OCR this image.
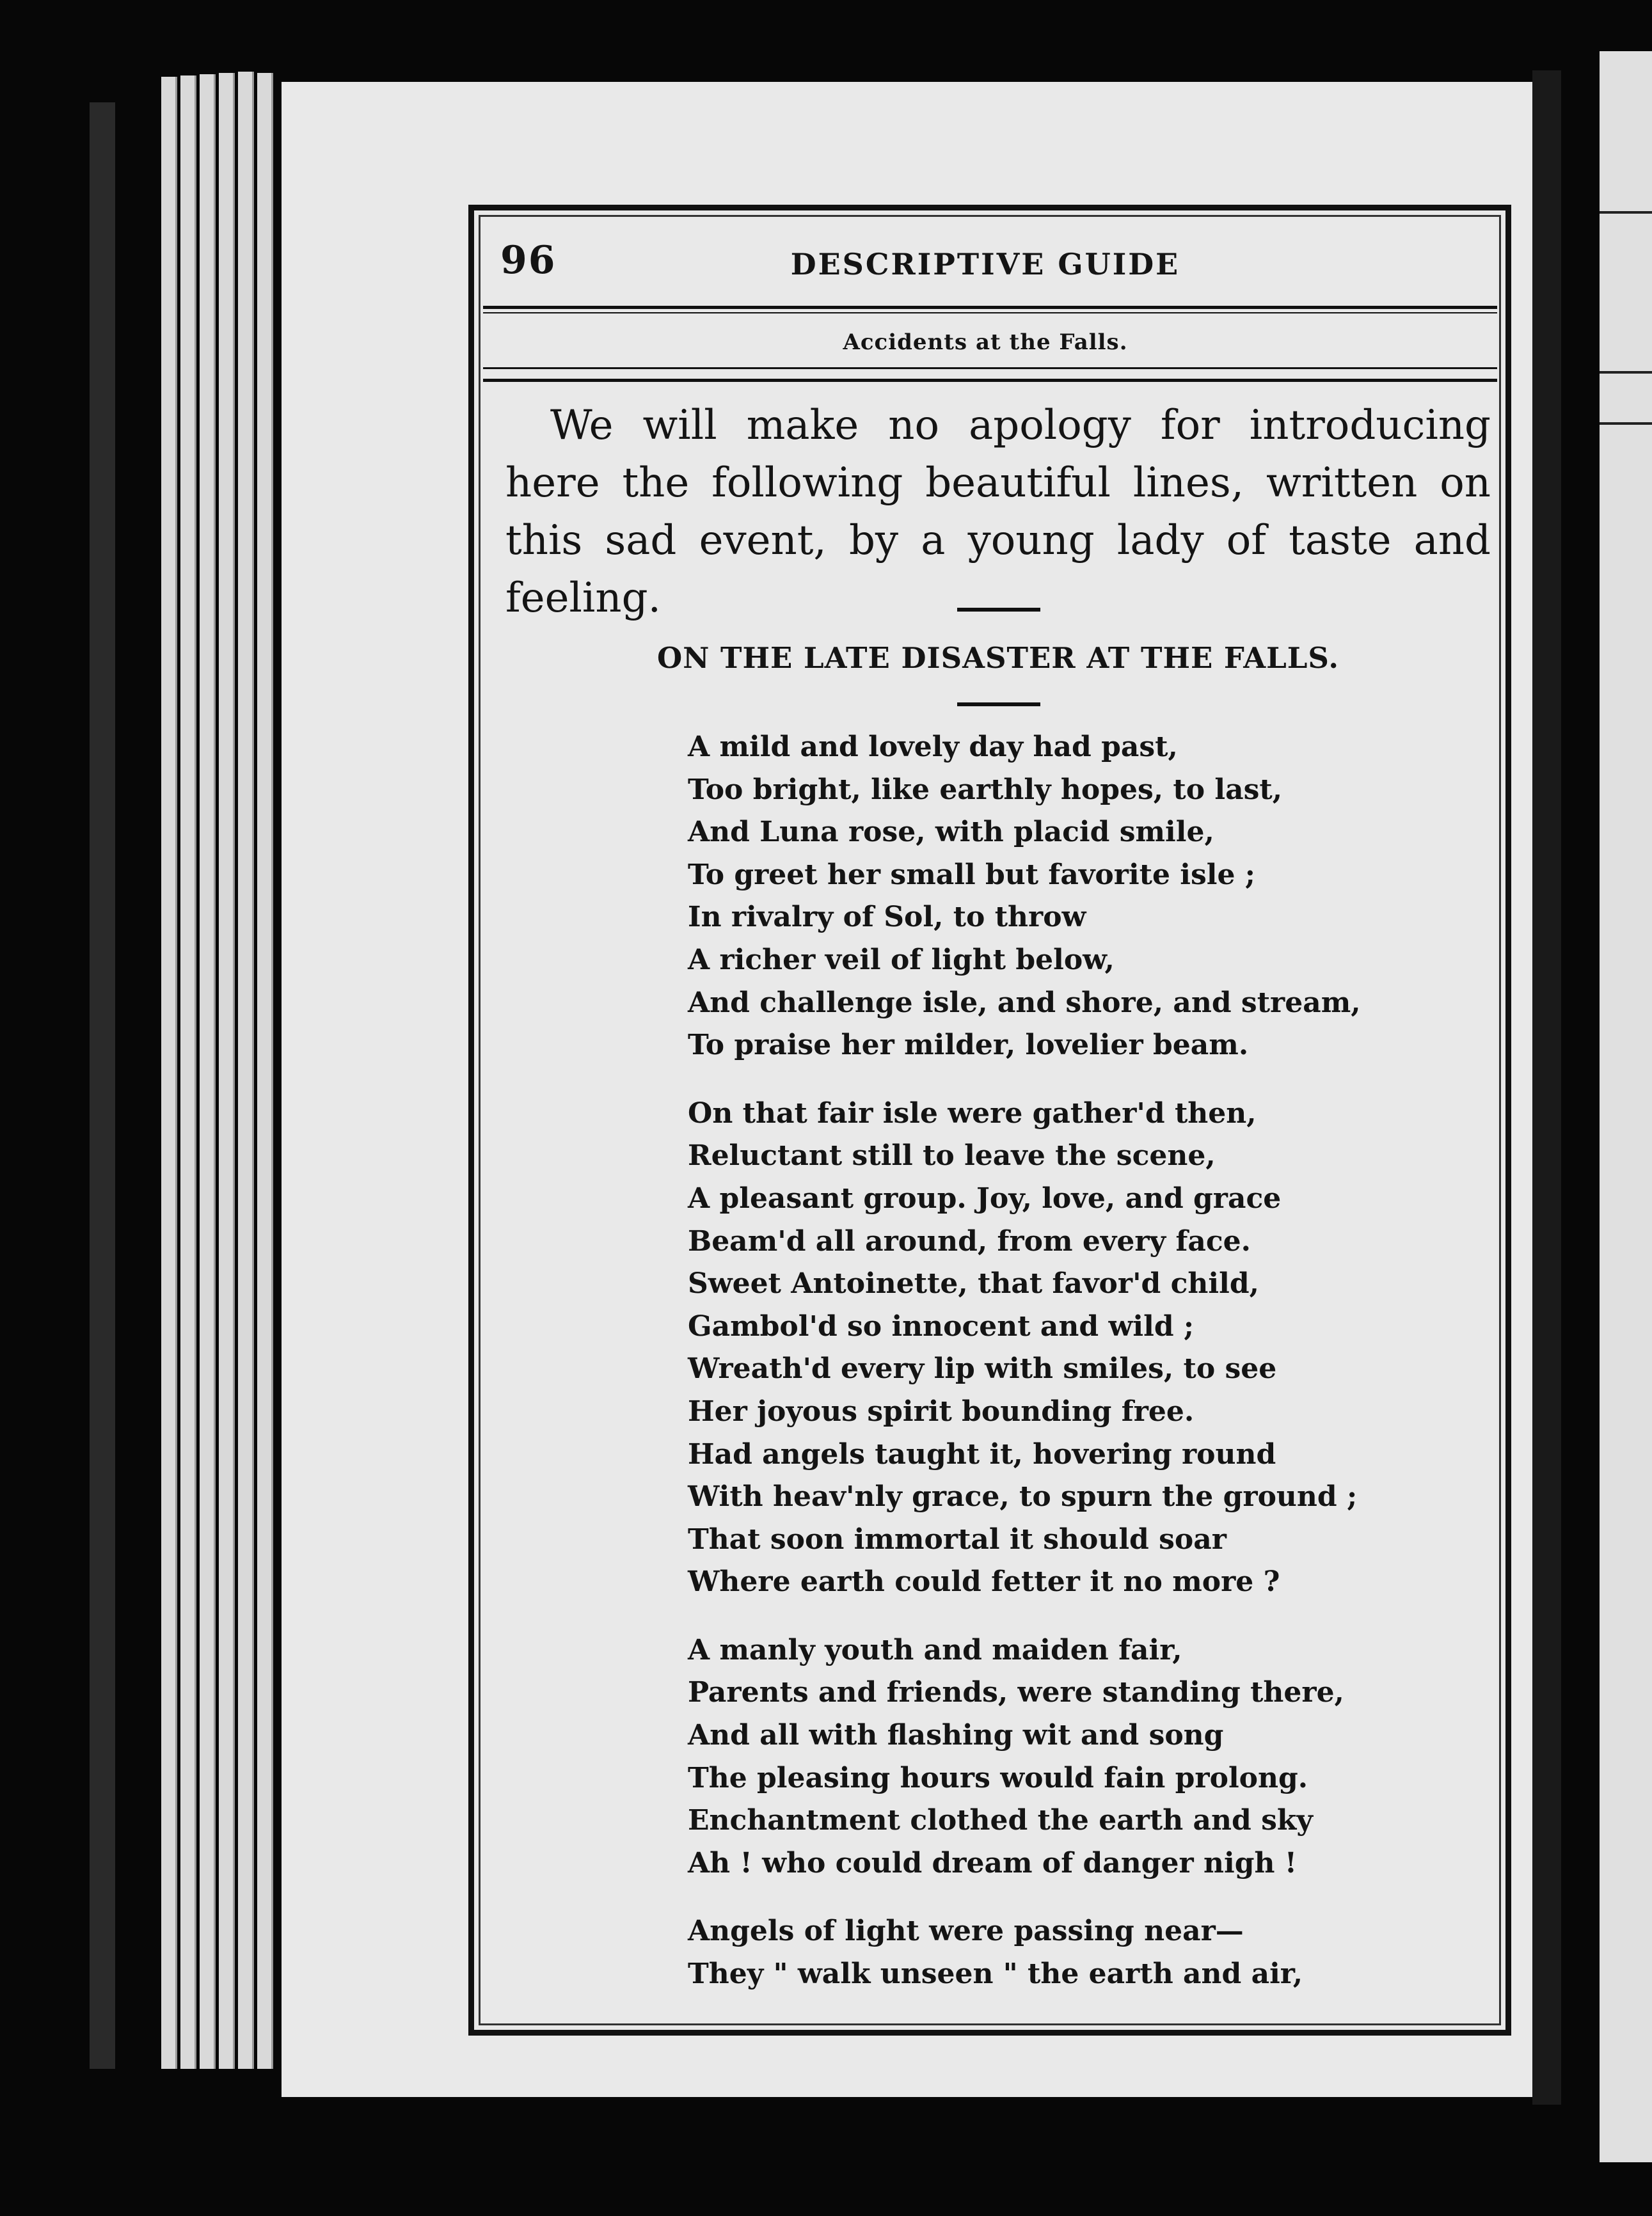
96	DESCRIPTIVE GUIDE
Accidents at the Falls.

We will make no apology for introducing here the following beautiful lines, written on this sad event, by a young lady of taste and feeling.

ON THE LATE DISASTER AT THE FALLS.
A mild and lovely day had past,
Too bright, like earthly hopes, to last,
And Luna rose, with placid smile,
To greet her small but favorite isle ;
In rivalry of Sol, to throw
A richer veil of light below,
And challenge isle, and shore, and stream,
To praise her milder, lovelier beam.
On that fair isle were gather'd then,
Reluctant still to leave the scene,
A pleasant group. Joy, love, and grace
Beam'd all around, from every face.
Sweet Antoinette, that favor'd child,
Gambol'd so innocent and wild ;
Wreath'd every lip with smiles, to see
Her joyous spirit bounding free.
Had angels taught it, hovering round
With heav'nly grace, to spurn the ground ;
That soon immortal it should soar
Where earth could fetter it no more ?
A manly youth and maiden fair,
Parents and friends, were standing there,
And all with flashing wit and song
The pleasing hours would fain prolong.
Enchantment clothed the earth and sky
Ah ! who could dream of danger nigh !
Angels of light were passing near—
They " walk unseen " the earth and air,
